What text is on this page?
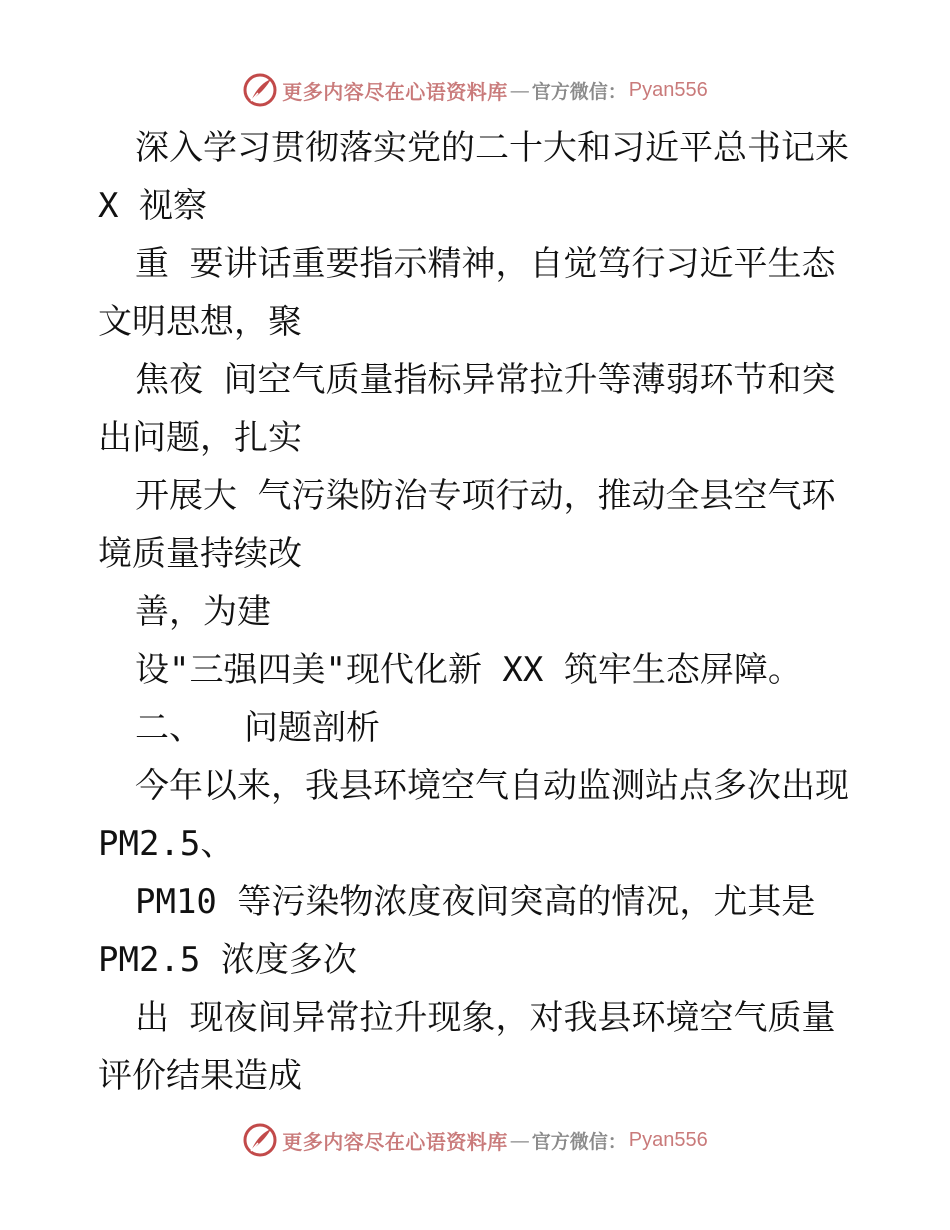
更多内容尽在心语资料库 — 官方微信： Pyan556
深入学习贯彻落实党的二十大和习近平总书记来
X 视察
重 要讲话重要指示精神，自觉笃行习近平生态
文明思想，聚
焦夜 间空气质量指标异常拉升等薄弱环节和突
出问题，扎实
开展大 气污染防治专项行动，推动全县空气环
境质量持续改
善，为建
设"三强四美"现代化新 XX 筑牢生态屏障。
二、  问题剖析
今年以来，我县环境空气自动监测站点多次出现
PM2.5、
PM10 等污染物浓度夜间突高的情况，尤其是
PM2.5 浓度多次
出 现夜间异常拉升现象，对我县环境空气质量
评价结果造成
更多内容尽在心语资料库 — 官方微信： Pyan556
